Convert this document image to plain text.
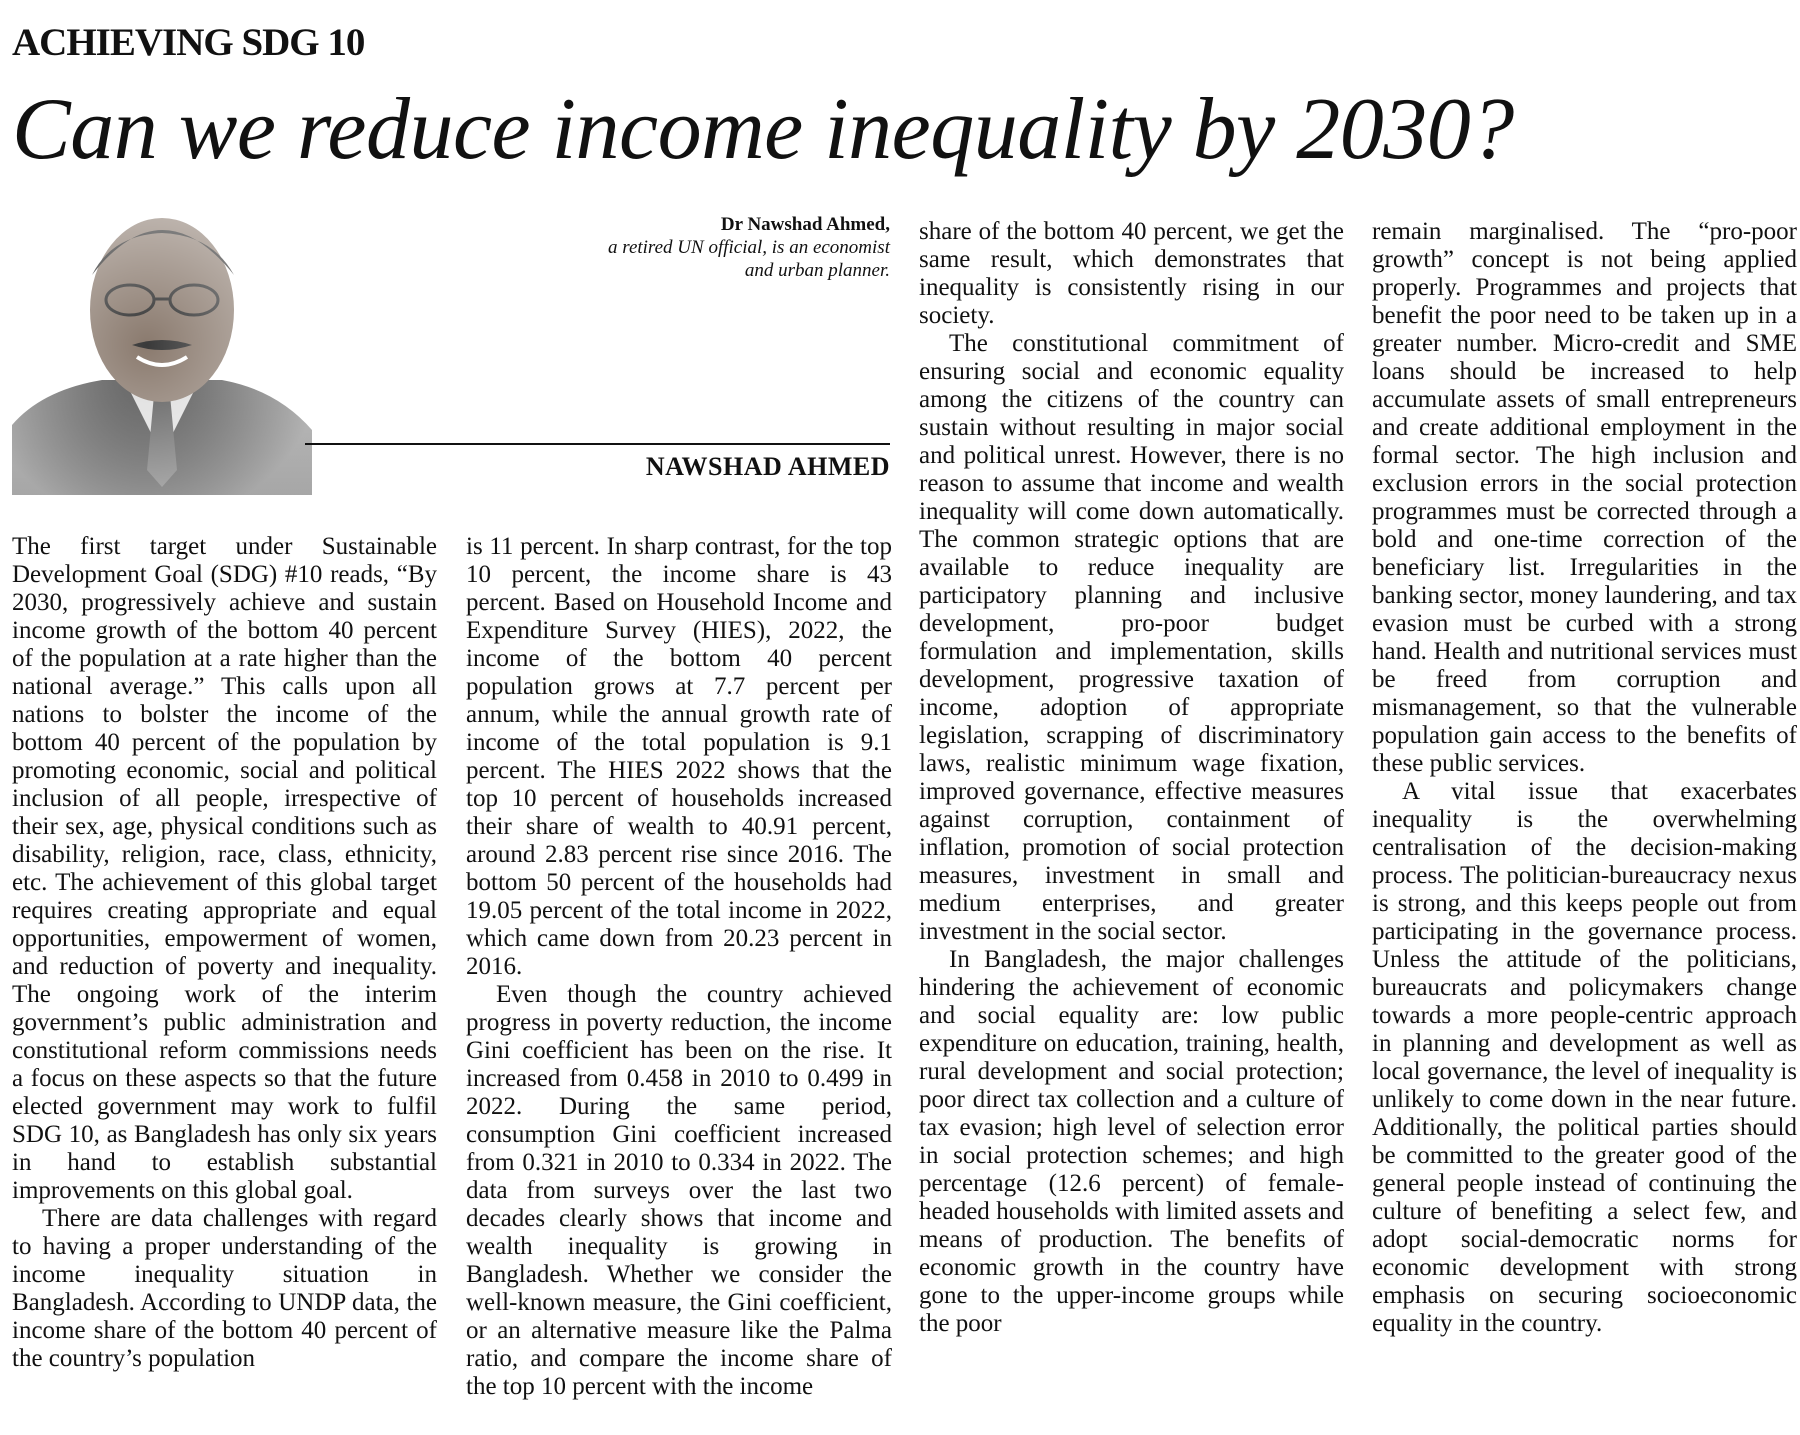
ACHIEVING SDG 10
Can we reduce income inequality by 2030?
Dr Nawshad Ahmed,
a retired UN official, is an economist
and urban planner.
NAWSHAD AHMED

The first target under Sustainable Development Goal (SDG) #10 reads, “By 2030, progressively achieve and sustain income growth of the bottom 40 percent of the population at a rate higher than the national average.” This calls upon all nations to bolster the income of the bottom 40 percent of the population by promoting economic, social and political inclusion of all people, irrespective of their sex, age, physical conditions such as disability, religion, race, class, ethnicity, etc. The achievement of this global target requires creating appropriate and equal opportunities, empowerment of women, and reduction of poverty and inequality. The ongoing work of the interim government’s public administration and constitutional reform commissions needs a focus on these aspects so that the future elected government may work to fulfil SDG 10, as Bangladesh has only six years in hand to establish substantial improvements on this global goal.

There are data challenges with regard to having a proper understanding of the income inequality situation in Bangladesh. According to UNDP data, the income share of the bottom 40 percent of the country’s population

is 11 percent. In sharp contrast, for the top 10 percent, the income share is 43 percent. Based on Household Income and Expenditure Survey (HIES), 2022, the income of the bottom 40 percent population grows at 7.7 percent per annum, while the annual growth rate of income of the total population is 9.1 percent. The HIES 2022 shows that the top 10 percent of households increased their share of wealth to 40.91 percent, around 2.83 percent rise since 2016. The bottom 50 percent of the households had 19.05 percent of the total income in 2022, which came down from 20.23 percent in 2016.

Even though the country achieved progress in poverty reduction, the income Gini coefficient has been on the rise. It increased from 0.458 in 2010 to 0.499 in 2022. During the same period, consumption Gini coefficient increased from 0.321 in 2010 to 0.334 in 2022. The data from surveys over the last two decades clearly shows that income and wealth inequality is growing in Bangladesh. Whether we consider the well-known measure, the Gini coefficient, or an alternative measure like the Palma ratio, and compare the income share of the top 10 percent with the income

share of the bottom 40 percent, we get the same result, which demonstrates that inequality is consistently rising in our society.

The constitutional commitment of ensuring social and economic equality among the citizens of the country can sustain without resulting in major social and political unrest. However, there is no reason to assume that income and wealth inequality will come down automatically. The common strategic options that are available to reduce inequality are participatory planning and inclusive development, pro-poor budget formulation and implementation, skills development, progressive taxation of income, adoption of appropriate legislation, scrapping of discriminatory laws, realistic minimum wage fixation, improved governance, effective measures against corruption, containment of inflation, promotion of social protection measures, investment in small and medium enterprises, and greater investment in the social sector.

In Bangladesh, the major challenges hindering the achievement of economic and social equality are: low public expenditure on education, training, health, rural development and social protection; poor direct tax collection and a culture of tax evasion; high level of selection error in social protection schemes; and high percentage (12.6 percent) of female-headed households with limited assets and means of production. The benefits of economic growth in the country have gone to the upper-income groups while the poor

remain marginalised. The “pro-poor growth” concept is not being applied properly. Programmes and projects that benefit the poor need to be taken up in a greater number. Micro-credit and SME loans should be increased to help accumulate assets of small entrepreneurs and create additional employment in the formal sector. The high inclusion and exclusion errors in the social protection programmes must be corrected through a bold and one-time correction of the beneficiary list. Irregularities in the banking sector, money laundering, and tax evasion must be curbed with a strong hand. Health and nutritional services must be freed from corruption and mismanagement, so that the vulnerable population gain access to the benefits of these public services.

A vital issue that exacerbates inequality is the overwhelming centralisation of the decision-making process. The politician-bureaucracy nexus is strong, and this keeps people out from participating in the governance process. Unless the attitude of the politicians, bureaucrats and policymakers change towards a more people-centric approach in planning and development as well as local governance, the level of inequality is unlikely to come down in the near future. Additionally, the political parties should be committed to the greater good of the general people instead of continuing the culture of benefiting a select few, and adopt social-democratic norms for economic development with strong emphasis on securing socioeconomic equality in the country.
